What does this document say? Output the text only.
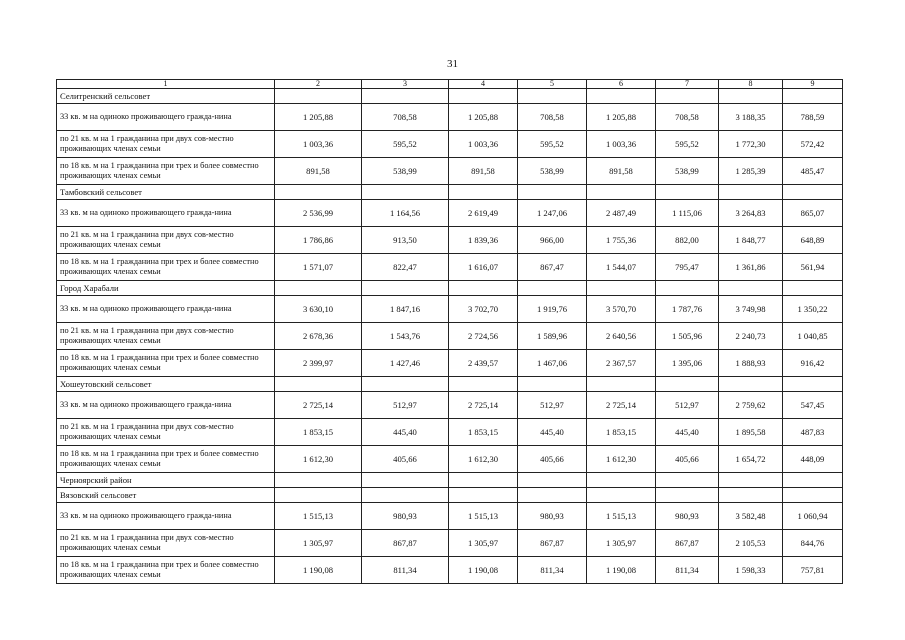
31
1	2	3	4	5	6	7	8	9
Селитренский сельсовет								
33 кв. м на одиноко проживающего гражда-нина	1 205,88	708,58	1 205,88	708,58	1 205,88	708,58	3 188,35	788,59
по 21 кв. м на 1 гражданина при двух сов-местно проживающих членах семьи	1 003,36	595,52	1 003,36	595,52	1 003,36	595,52	1 772,30	572,42
по 18 кв. м на 1 гражданина при трех и более совместно проживающих членах семьи	891,58	538,99	891,58	538,99	891,58	538,99	1 285,39	485,47
Тамбовский сельсовет								
33 кв. м на одиноко проживающего гражда-нина	2 536,99	1 164,56	2 619,49	1 247,06	2 487,49	1 115,06	3 264,83	865,07
по 21 кв. м на 1 гражданина при двух сов-местно проживающих членах семьи	1 786,86	913,50	1 839,36	966,00	1 755,36	882,00	1 848,77	648,89
по 18 кв. м на 1 гражданина при трех и более совместно проживающих членах семьи	1 571,07	822,47	1 616,07	867,47	1 544,07	795,47	1 361,86	561,94
Город Харабали								
33 кв. м на одиноко проживающего гражда-нина	3 630,10	1 847,16	3 702,70	1 919,76	3 570,70	1 787,76	3 749,98	1 350,22
по 21 кв. м на 1 гражданина при двух сов-местно проживающих членах семьи	2 678,36	1 543,76	2 724,56	1 589,96	2 640,56	1 505,96	2 240,73	1 040,85
по 18 кв. м на 1 гражданина при трех и более совместно проживающих членах семьи	2 399,97	1 427,46	2 439,57	1 467,06	2 367,57	1 395,06	1 888,93	916,42
Хошеутовский сельсовет								
33 кв. м на одиноко проживающего гражда-нина	2 725,14	512,97	2 725,14	512,97	2 725,14	512,97	2 759,62	547,45
по 21 кв. м на 1 гражданина при двух сов-местно проживающих членах семьи	1 853,15	445,40	1 853,15	445,40	1 853,15	445,40	1 895,58	487,83
по 18 кв. м на 1 гражданина при трех и более совместно проживающих членах семьи	1 612,30	405,66	1 612,30	405,66	1 612,30	405,66	1 654,72	448,09
Черноярский район								
Вязовский сельсовет								
33 кв. м на одиноко проживающего гражда-нина	1 515,13	980,93	1 515,13	980,93	1 515,13	980,93	3 582,48	1 060,94
по 21 кв. м на 1 гражданина при двух сов-местно проживающих членах семьи	1 305,97	867,87	1 305,97	867,87	1 305,97	867,87	2 105,53	844,76
по 18 кв. м на 1 гражданина при трех и более совместно проживающих членах семьи	1 190,08	811,34	1 190,08	811,34	1 190,08	811,34	1 598,33	757,81
